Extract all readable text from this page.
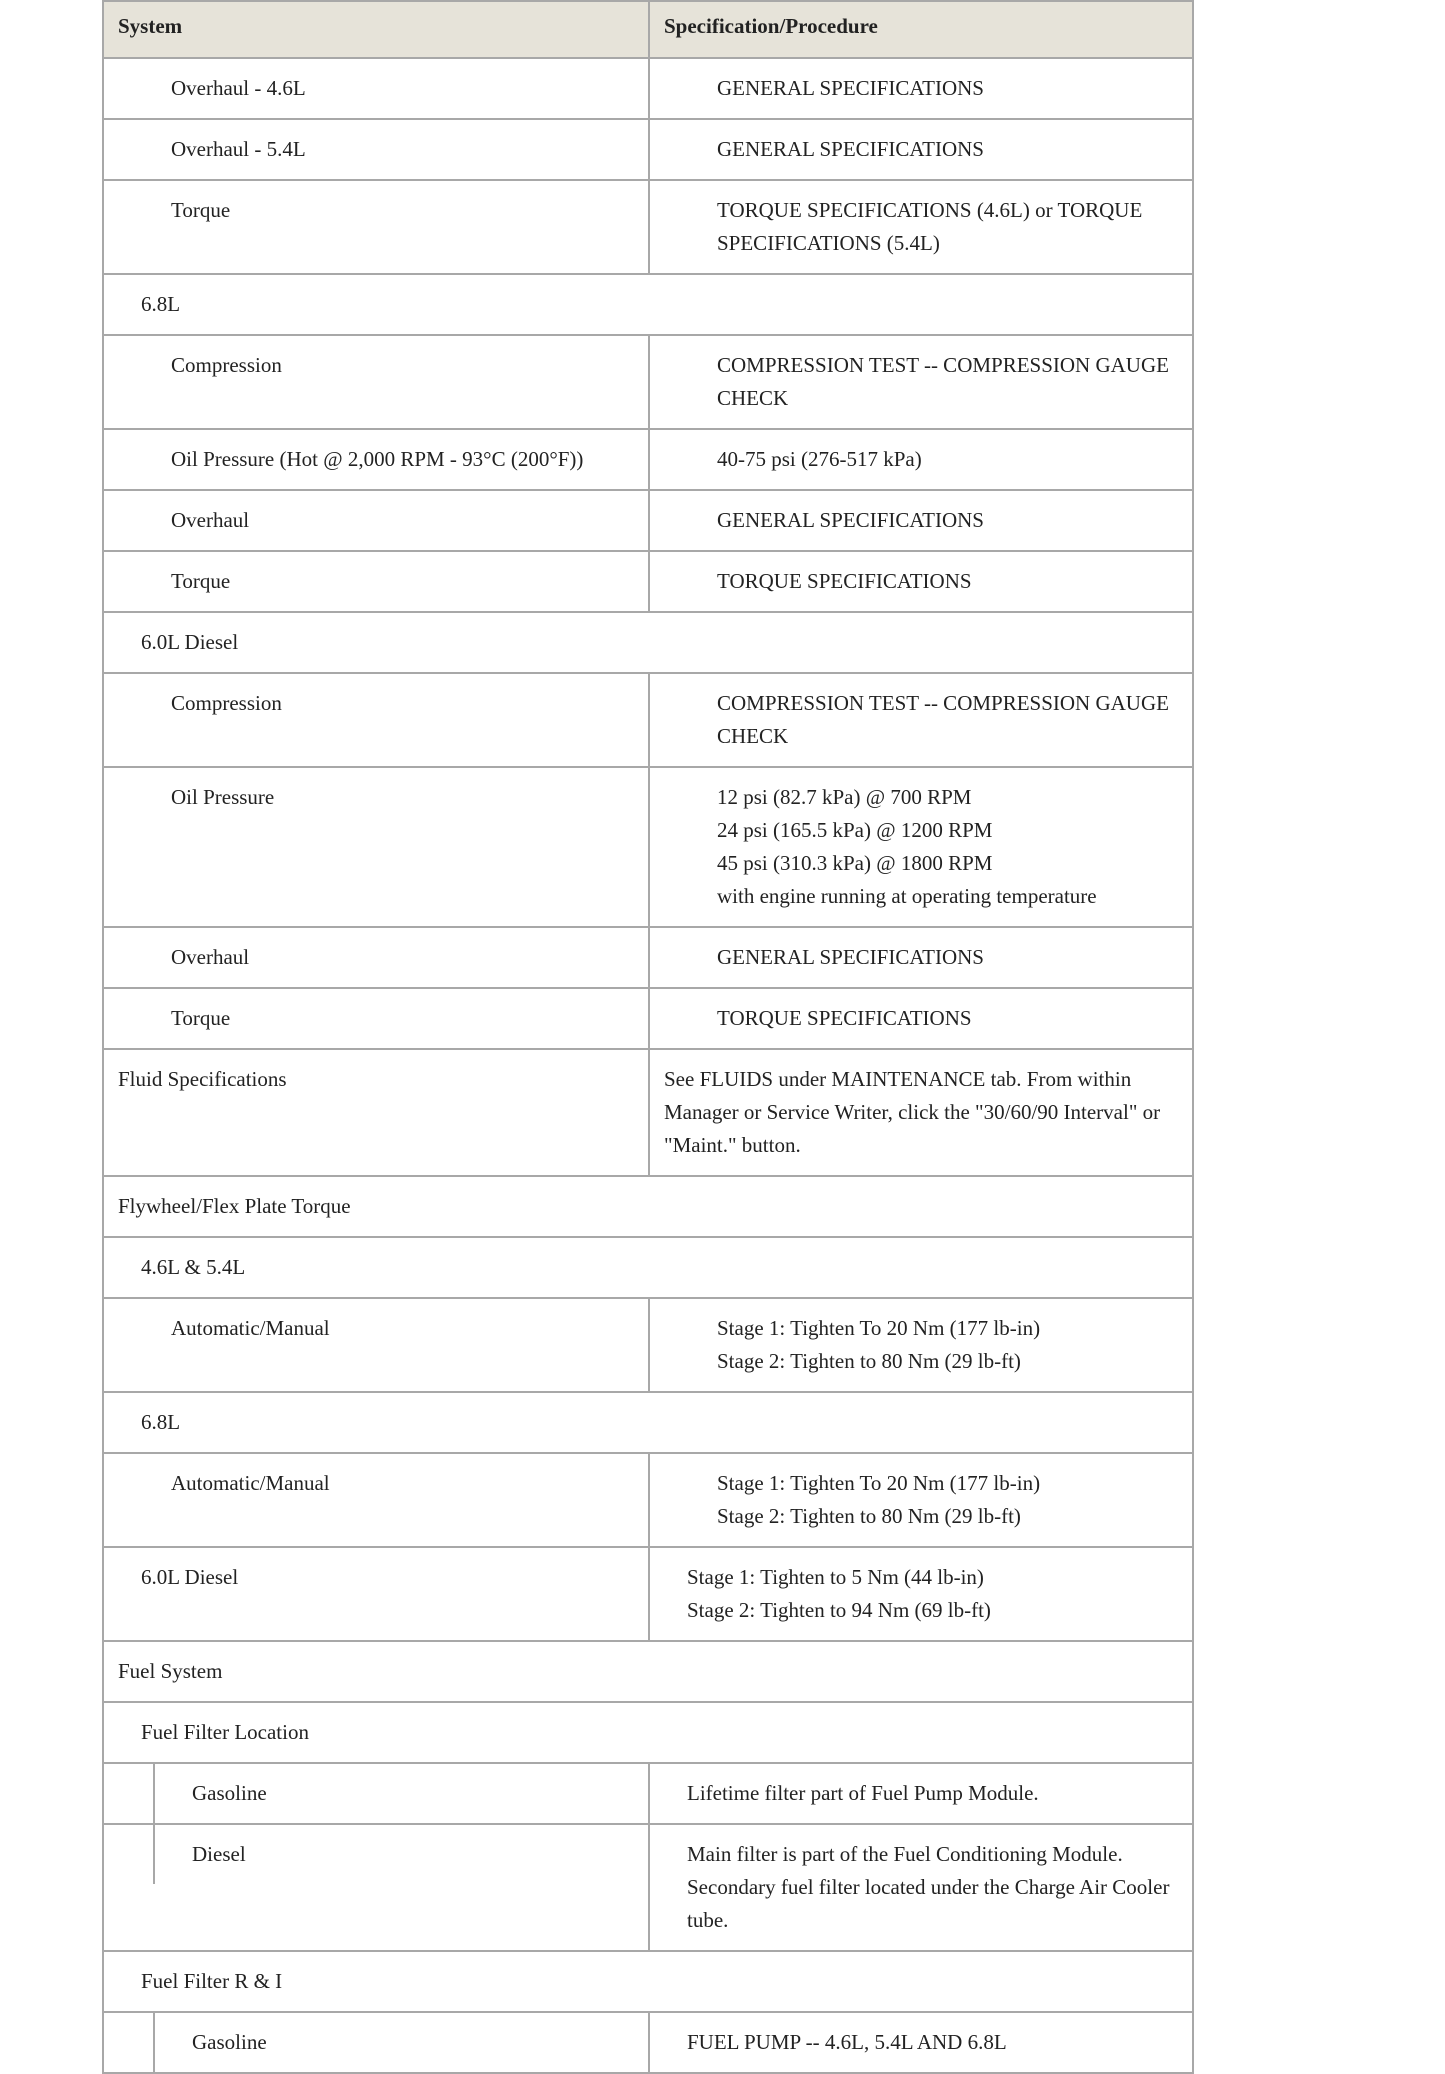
System	Specification/Procedure
Overhaul - 4.6L	GENERAL SPECIFICATIONS

Overhaul - 5.4L	GENERAL SPECIFICATIONS

Torque	TORQUE SPECIFICATIONS (4.6L) or TORQUE SPECIFICATIONS (5.4L)

6.8L	
Compression	COMPRESSION TEST -- COMPRESSION GAUGE CHECK

Oil Pressure (Hot @ 2,000 RPM - 93°C (200°F))	40-75 psi (276-517 kPa)

Overhaul	GENERAL SPECIFICATIONS

Torque	TORQUE SPECIFICATIONS

6.0L Diesel	
Compression	COMPRESSION TEST -- COMPRESSION GAUGE CHECK

Oil Pressure	12 psi (82.7 kPa) @ 700 RPM
24 psi (165.5 kPa) @ 1200 RPM
45 psi (310.3 kPa) @ 1800 RPM
with engine running at operating temperature

Overhaul	GENERAL SPECIFICATIONS

Torque	TORQUE SPECIFICATIONS

Fluid Specifications	See FLUIDS under MAINTENANCE tab. From within Manager or Service Writer, click the "30/60/90 Interval" or "Maint." button.

Flywheel/Flex Plate Torque	
4.6L & 5.4L	
Automatic/Manual	Stage 1: Tighten To 20 Nm (177 lb-in)
Stage 2: Tighten to 80 Nm (29 lb-ft)

6.8L	
Automatic/Manual	Stage 1: Tighten To 20 Nm (177 lb-in)
Stage 2: Tighten to 80 Nm (29 lb-ft)

6.0L Diesel	Stage 1: Tighten to 5 Nm (44 lb-in)
Stage 2: Tighten to 94 Nm (69 lb-ft)

Fuel System	
Fuel Filter Location	

Gasoline	Lifetime filter part of Fuel Pump Module.

Diesel	Main filter is part of the Fuel Conditioning Module. Secondary fuel filter located under the Charge Air Cooler tube.

Fuel Filter R & I	

Gasoline	FUEL PUMP -- 4.6L, 5.4L AND 6.8L
